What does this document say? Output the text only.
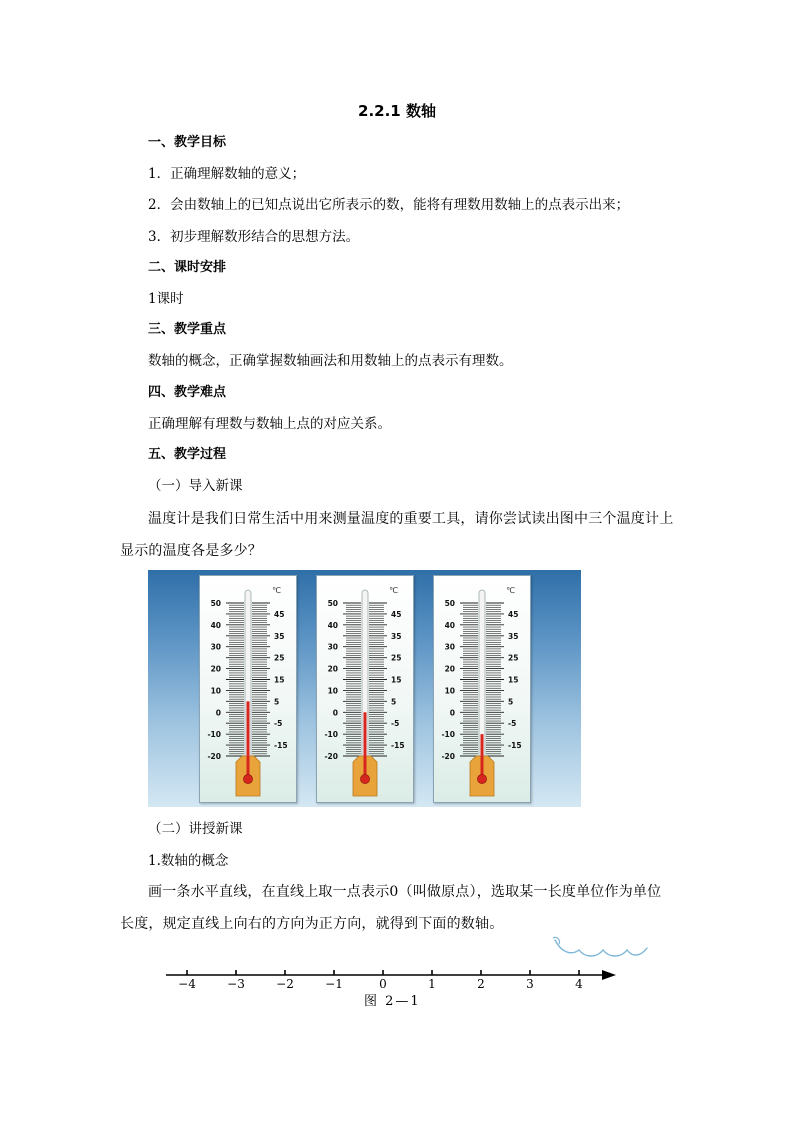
2.2.1 数轴
一、教学目标
1．正确理解数轴的意义；
2．会由数轴上的已知点说出它所表示的数，能将有理数用数轴上的点表示出来；
3．初步理解数形结合的思想方法。
二、课时安排
1课时
三、教学重点
数轴的概念，正确掌握数轴画法和用数轴上的点表示有理数。
四、教学难点
正确理解有理数与数轴上点的对应关系。
五、教学过程
（一）导入新课
温度计是我们日常生活中用来测量温度的重要工具，请你尝试读出图中三个温度计上显示的温度各是多少？
℃
50
40
30
20
10
0
-10
-20
45
35
25
15
5
-5
-15
℃
50
40
30
20
10
0
-10
-20
45
35
25
15
5
-5
-15
℃
50
40
30
20
10
0
-10
-20
45
35
25
15
5
-5
-15
（二）讲授新课
1.数轴的概念
画一条水平直线，在直线上取一点表示0（叫做原点），选取某一长度单位作为单位长度，规定直线上向右的方向为正方向，就得到下面的数轴。
−4	−3	−2	−1	0	1	2	3	4
图 2—1
